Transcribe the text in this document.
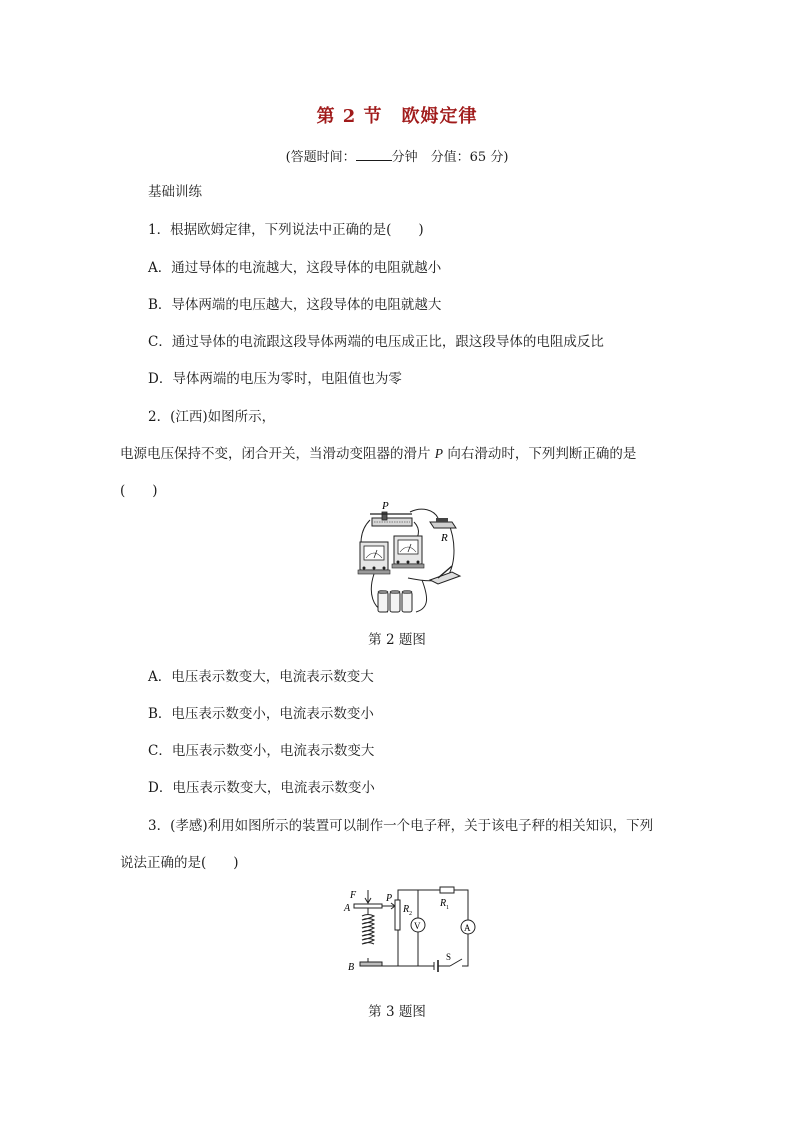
第 2 节　欧姆定律
(答题时间：	分钟　分值：65 分)
基础训练
1．根据欧姆定律，下列说法中正确的是(　　)
A．通过导体的电流越大，这段导体的电阻就越小
B．导体两端的电压越大，这段导体的电阻就越大
C．通过导体的电流跟这段导体两端的电压成正比，跟这段导体的电阻成反比
D．导体两端的电压为零时，电阻值也为零
2．(江西)如图所示，
电源电压保持不变，闭合开关，当滑动变阻器的滑片 P 向右滑动时，下列判断正确的是
(　　)
P
R
第 2 题图
A．电压表示数变大，电流表示数变大
B．电压表示数变小，电流表示数变小
C．电压表示数变小，电流表示数变大
D．电压表示数变大，电流表示数变小
3．(孝感)利用如图所示的装置可以制作一个电子秤，关于该电子秤的相关知识，下列
说法正确的是(　　)
F
A
B
P
R 2
R 1
V	A
S
第 3 题图
